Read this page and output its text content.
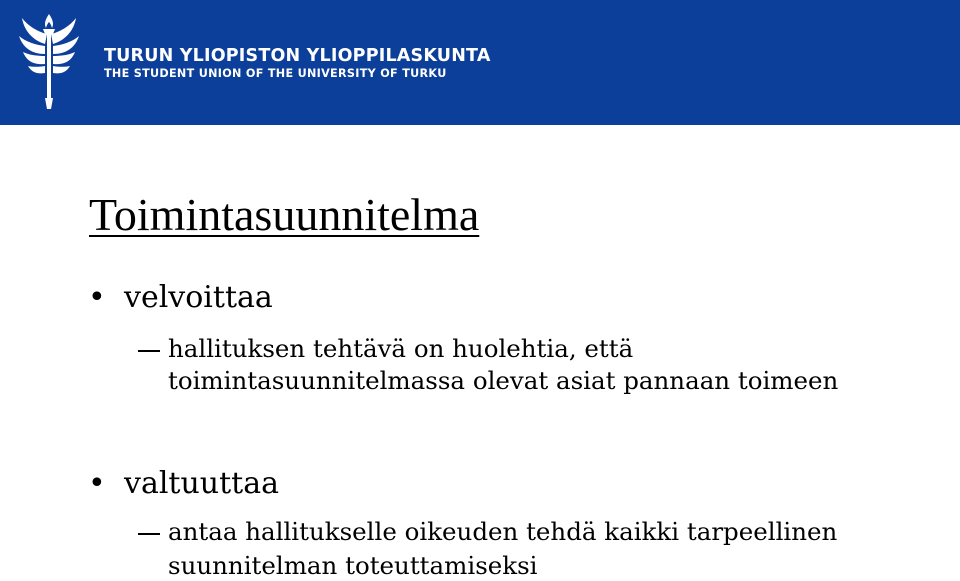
TURUN YLIOPISTON YLIOPPILASKUNTA
THE STUDENT UNION OF THE UNIVERSITY OF TURKU
Toimintasuunnitelma
• velvoittaa
hallituksen tehtävä on huolehtia, että
toimintasuunnitelmassa olevat asiat pannaan toimeen
• valtuuttaa
antaa hallitukselle oikeuden tehdä kaikki tarpeellinen
suunnitelman toteuttamiseksi
